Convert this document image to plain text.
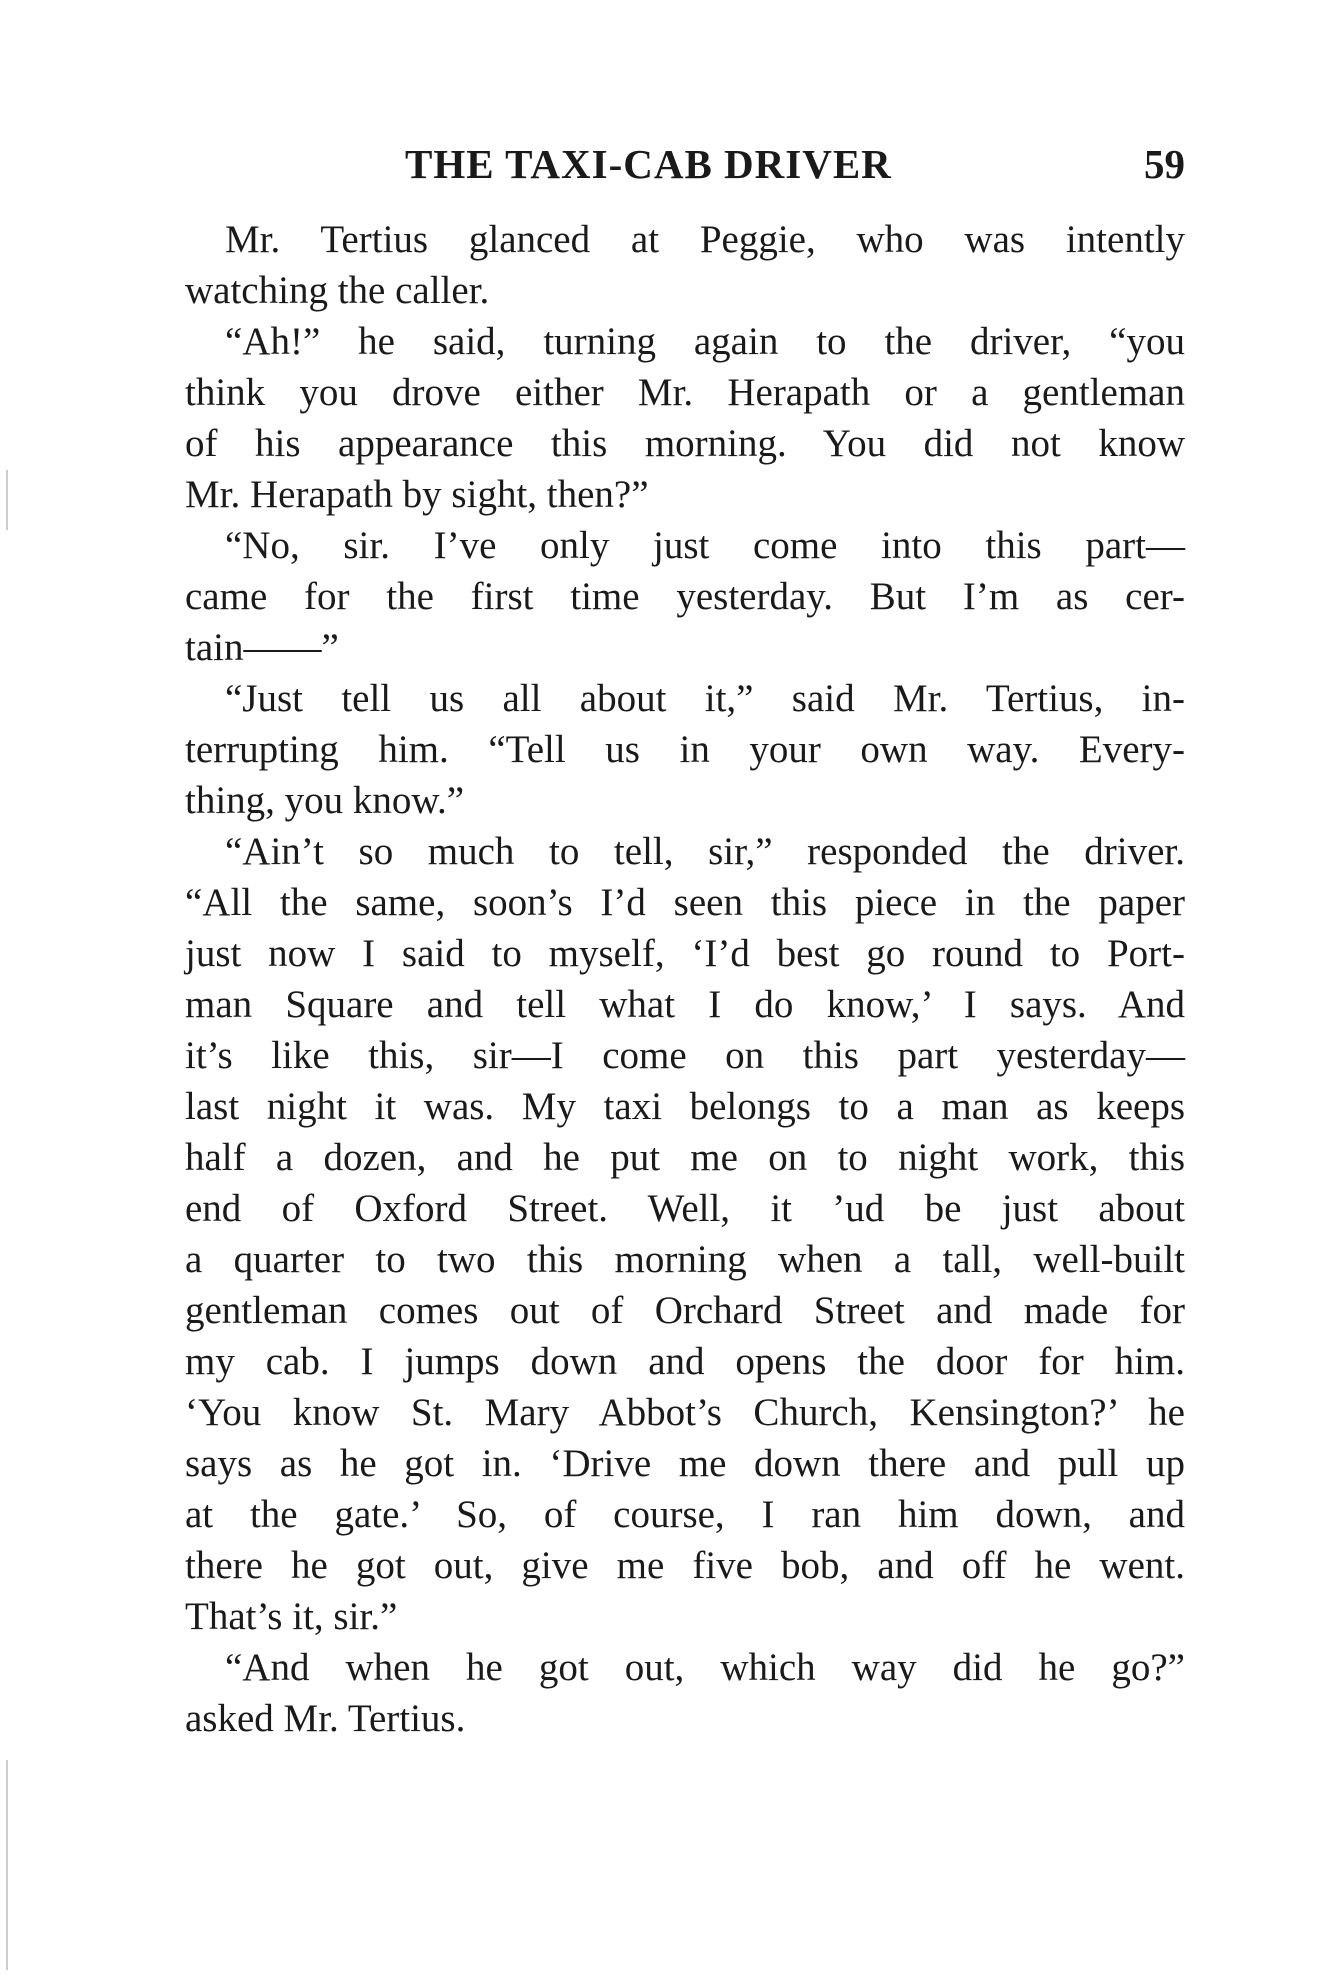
THE TAXI-CAB DRIVER	59
Mr. Tertius glanced at Peggie, who was intently
watching the caller.
“Ah!” he said, turning again to the driver, “you
think you drove either Mr. Herapath or a gentleman
of his appearance this morning. You did not know
Mr. Herapath by sight, then?”
“No, sir. I’ve only just come into this part—
came for the first time yesterday. But I’m as cer-
tain——”
“Just tell us all about it,” said Mr. Tertius, in-
terrupting him. “Tell us in your own way. Every-
thing, you know.”
“Ain’t so much to tell, sir,” responded the driver.
“All the same, soon’s I’d seen this piece in the paper
just now I said to myself, ‘I’d best go round to Port-
man Square and tell what I do know,’ I says. And
it’s like this, sir—I come on this part yesterday—
last night it was. My taxi belongs to a man as keeps
half a dozen, and he put me on to night work, this
end of Oxford Street. Well, it ’ud be just about
a quarter to two this morning when a tall, well-built
gentleman comes out of Orchard Street and made for
my cab. I jumps down and opens the door for him.
‘You know St. Mary Abbot’s Church, Kensington?’ he
says as he got in. ‘Drive me down there and pull up
at the gate.’ So, of course, I ran him down, and
there he got out, give me five bob, and off he went.
That’s it, sir.”
“And when he got out, which way did he go?”
asked Mr. Tertius.
